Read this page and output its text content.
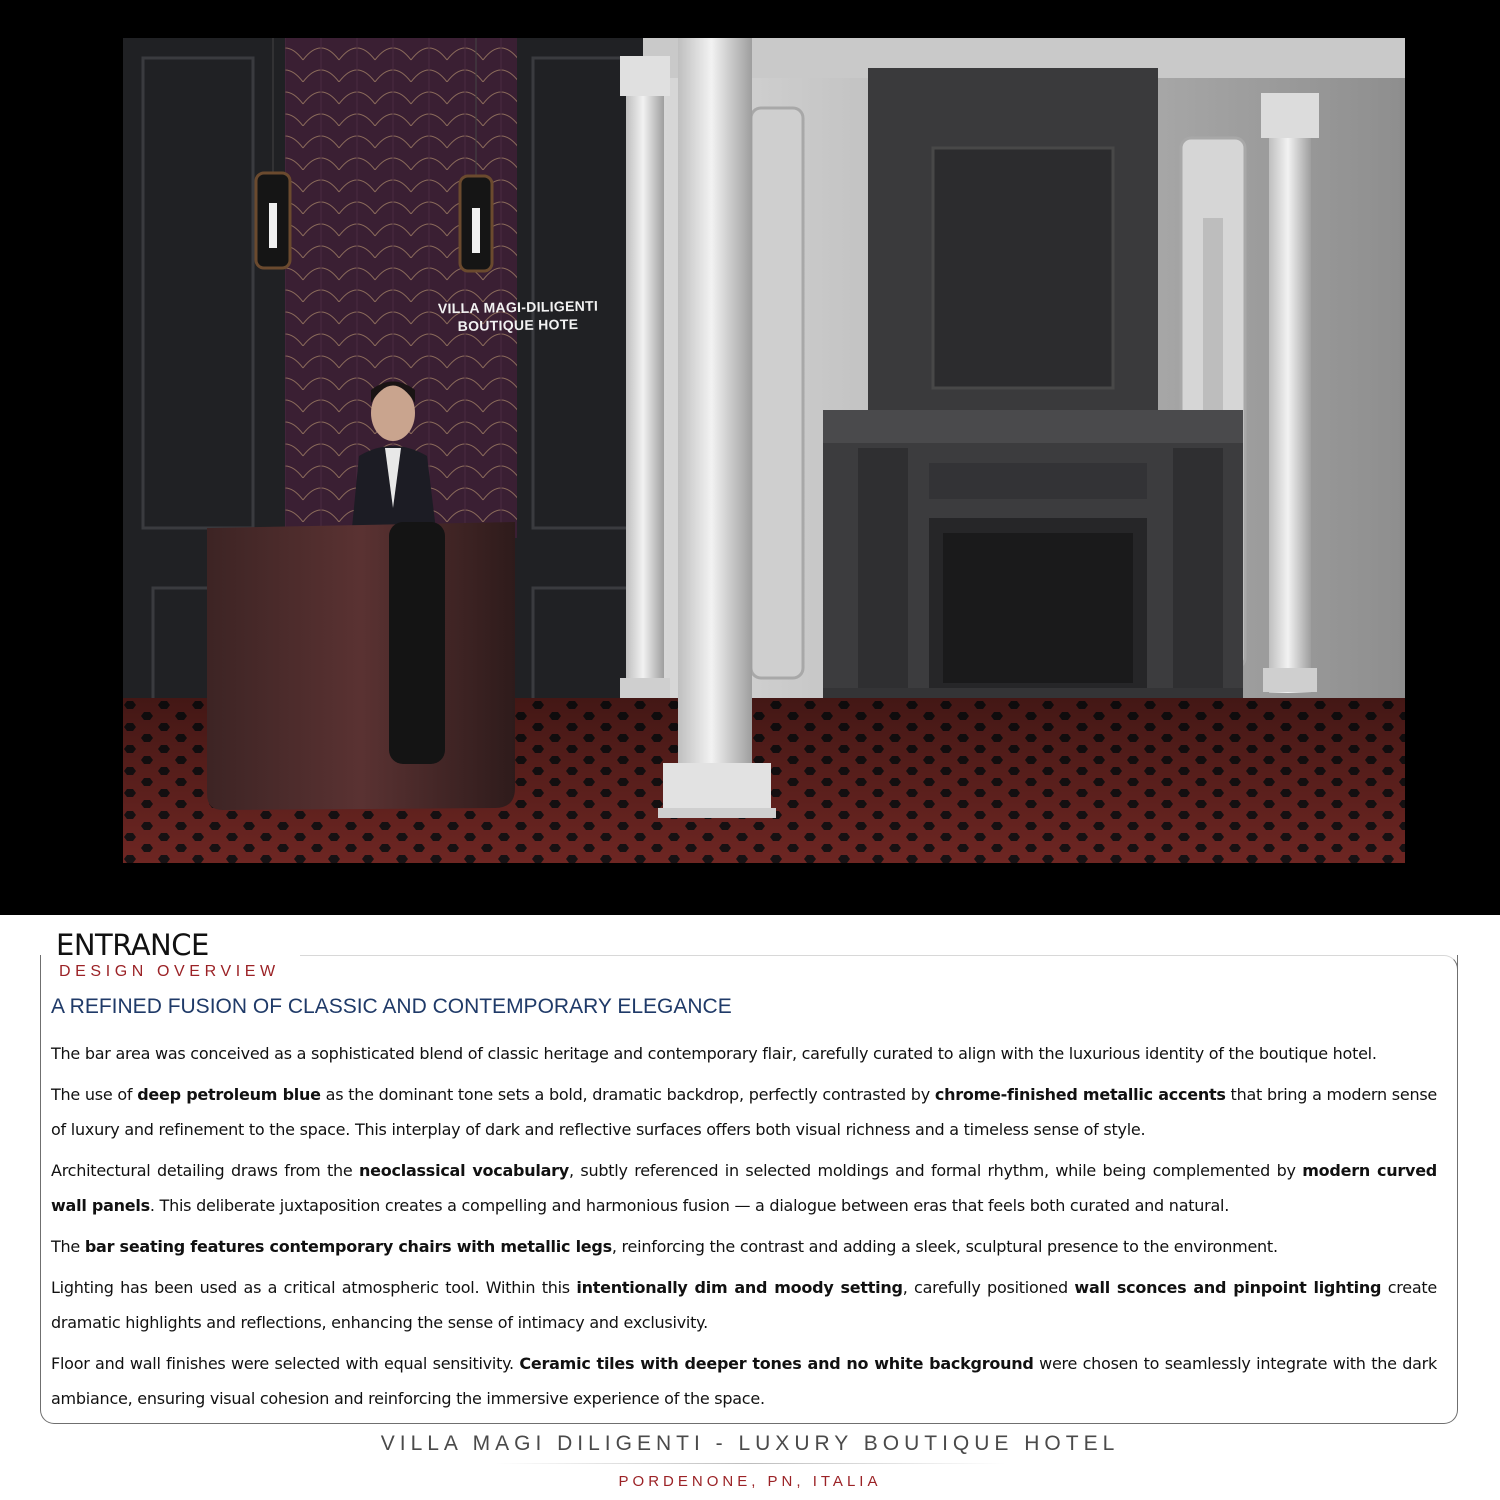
VILLA MAGI-DILIGENTI
BOUTIQUE HOTE
ENTRANCE
DESIGN OVERVIEW
A REFINED FUSION OF CLASSIC AND CONTEMPORARY ELEGANCE

The bar area was conceived as a sophisticated blend of classic heritage and contemporary flair, carefully curated to align with the luxurious identity of the boutique hotel.

The use of deep petroleum blue as the dominant tone sets a bold, dramatic backdrop, perfectly contrasted by chrome-finished metallic accents that bring a modern sense of luxury and refinement to the space. This interplay of dark and reflective surfaces offers both visual richness and a timeless sense of style.

Architectural detailing draws from the neoclassical vocabulary, subtly referenced in selected moldings and formal rhythm, while being complemented by modern curved wall panels. This deliberate juxtaposition creates a compelling and harmonious fusion — a dialogue between eras that feels both curated and natural.

The bar seating features contemporary chairs with metallic legs, reinforcing the contrast and adding a sleek, sculptural presence to the environment.

Lighting has been used as a critical atmospheric tool. Within this intentionally dim and moody setting, carefully positioned wall sconces and pinpoint lighting create dramatic highlights and reflections, enhancing the sense of intimacy and exclusivity.

Floor and wall finishes were selected with equal sensitivity. Ceramic tiles with deeper tones and no white background were chosen to seamlessly integrate with the dark ambiance, ensuring visual cohesion and reinforcing the immersive experience of the space.

VILLA MAGI DILIGENTI - LUXURY BOUTIQUE HOTEL
PORDENONE, PN, ITALIA
